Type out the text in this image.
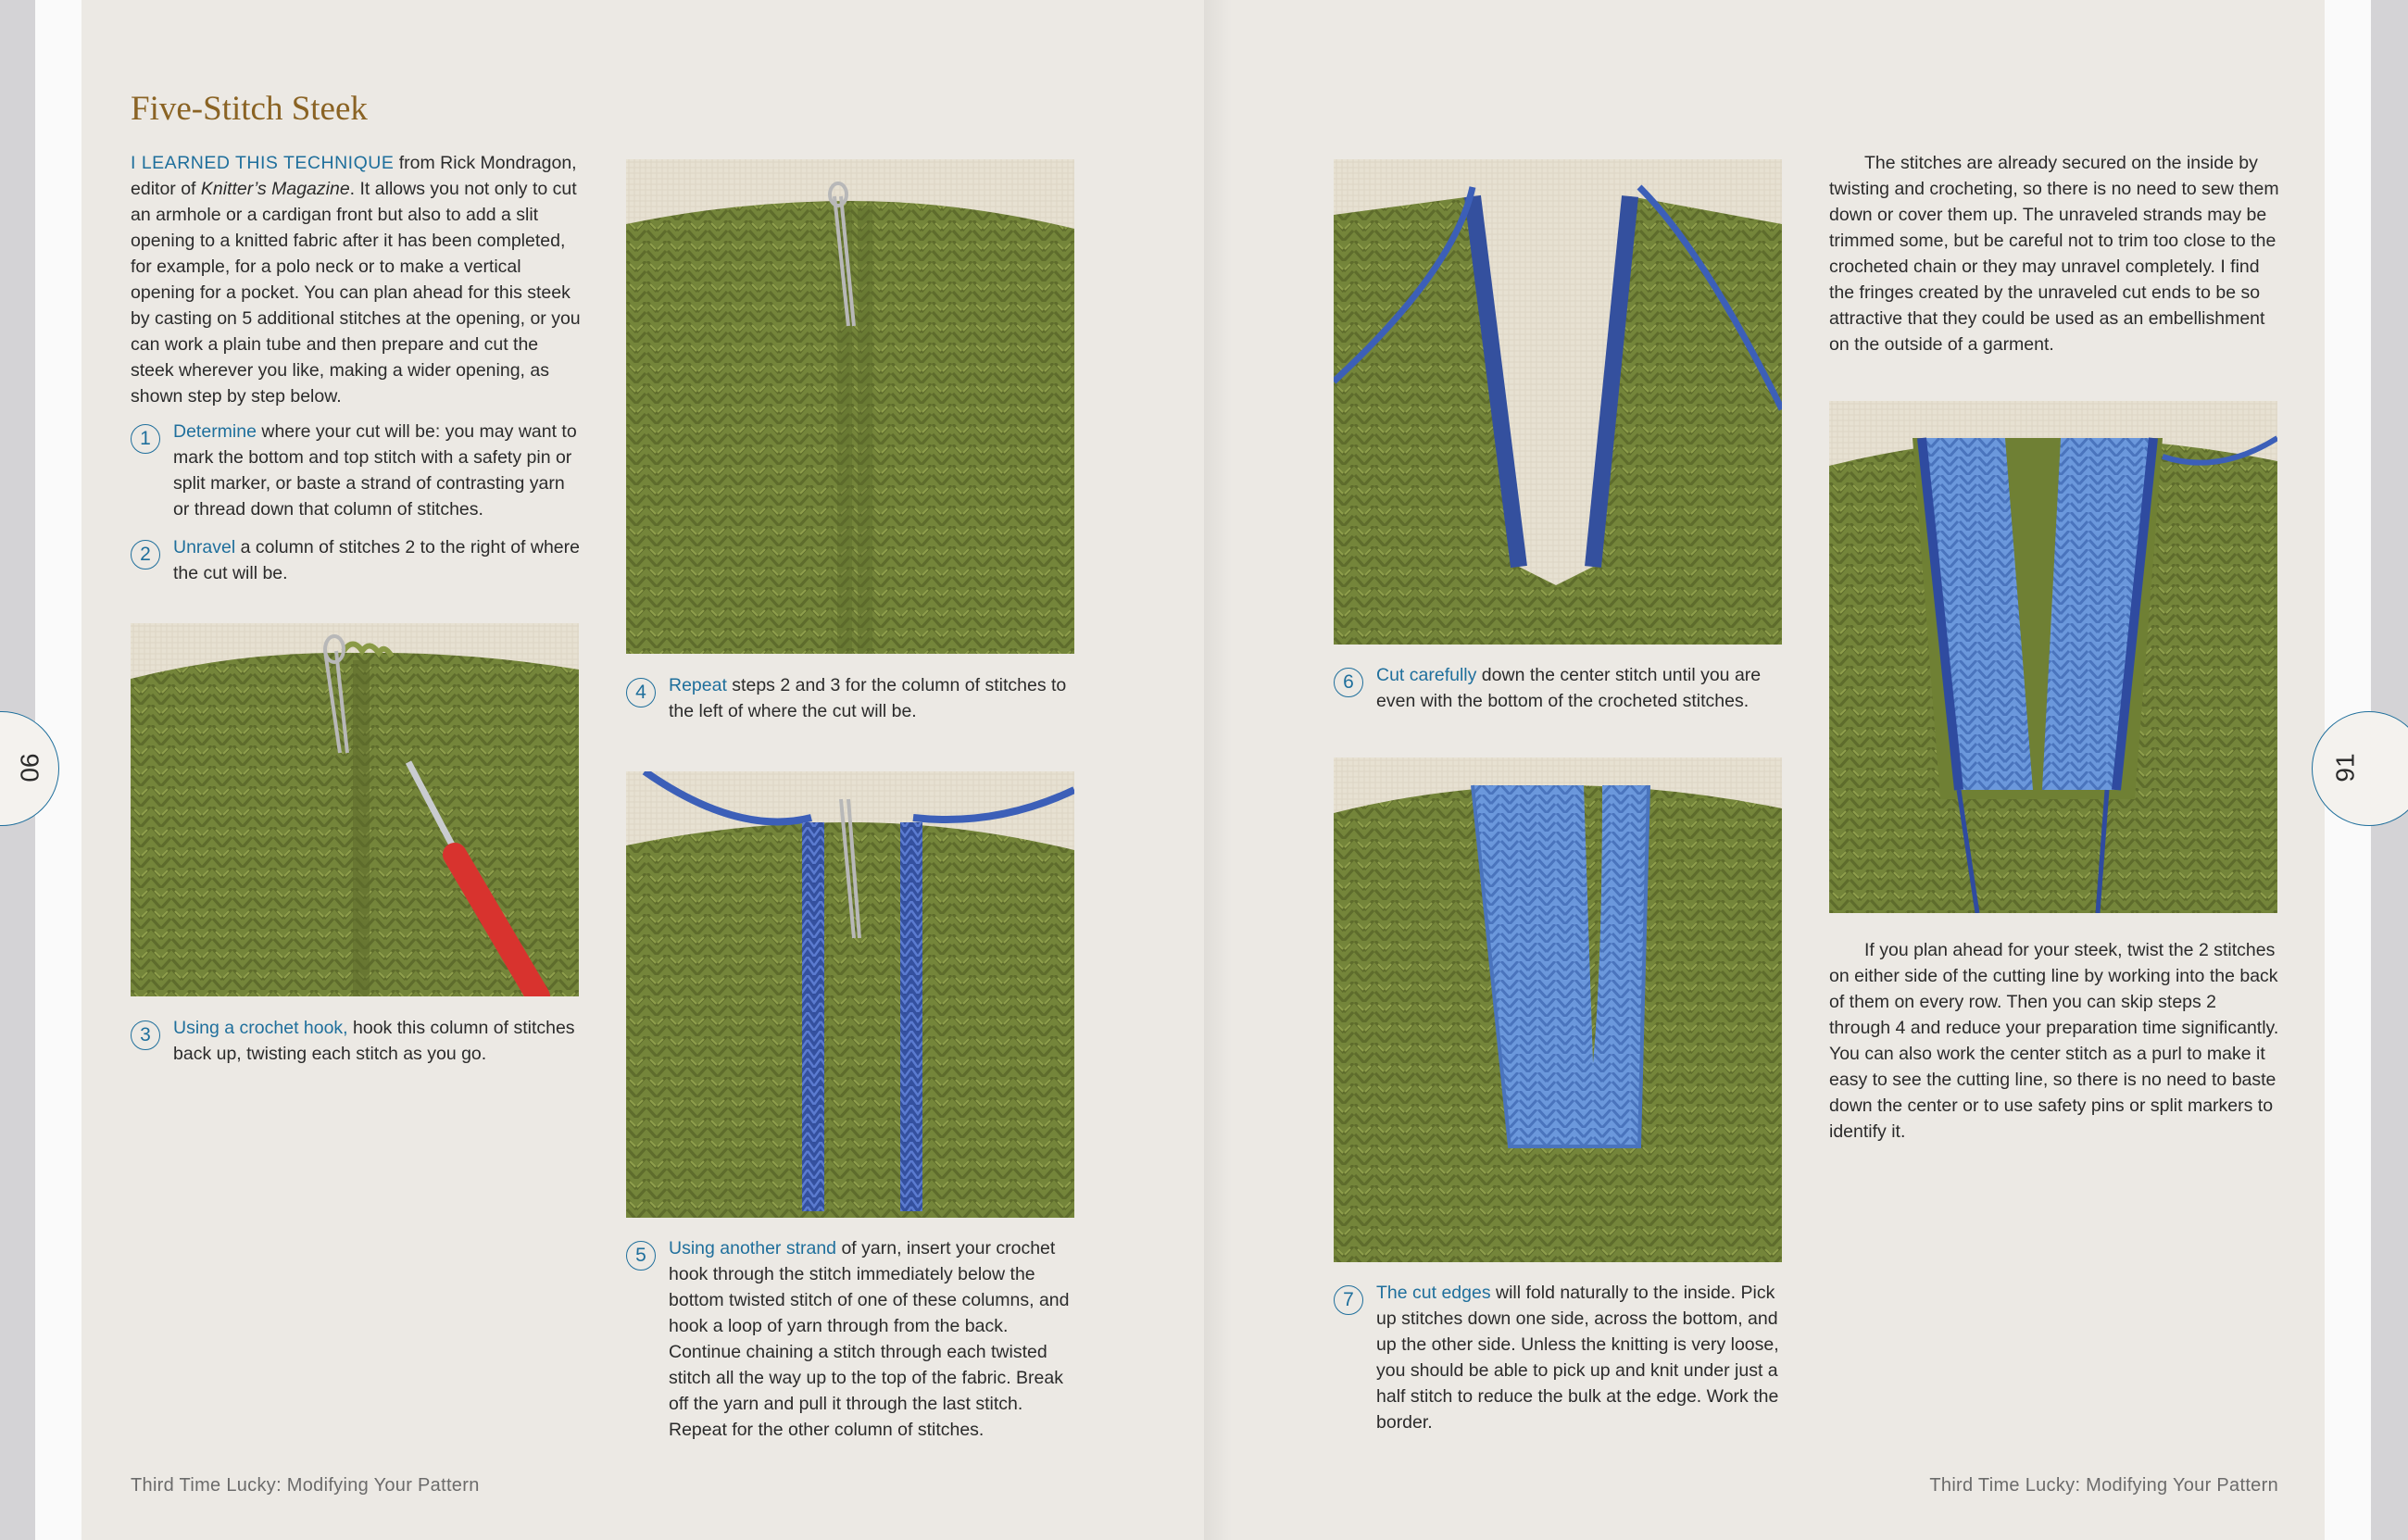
Five-Stitch Steek

I LEARNED THIS TECHNIQUE from Rick Mondragon, editor of Knitter’s Magazine. It allows you not only to cut an armhole or a cardigan front but also to add a slit opening to a knitted fabric after it has been completed, for example, for a polo neck or to make a vertical opening for a pocket. You can plan ahead for this steek by casting on 5 additional stitches at the opening, or you can work a plain tube and then prepare and cut the steek wherever you like, making a wider opening, as shown step by step below.

1	Determine where your cut will be: you may want to mark the bottom and top stitch with a safety pin or split marker, or baste a strand of contrasting yarn or thread down that column of stitches.
2	Unravel a column of stitches 2 to the right of where the cut will be.
3	Using a crochet hook, hook this column of stitches back up, twisting each stitch as you go.
4	Repeat steps 2 and 3 for the column of stitches to the left of where the cut will be.
5	Using another strand of yarn, insert your crochet hook through the stitch immediately below the bottom twisted stitch of one of these columns, and hook a loop of yarn through from the back. Continue chaining a stitch through each twisted stitch all the way up to the top of the fabric. Break off the yarn and pull it through the last stitch. Repeat for the other column of stitches.
6	Cut carefully down the center stitch until you are even with the bottom of the crocheted stitches.
7	The cut edges will fold naturally to the inside. Pick up stitches down one side, across the bottom, and up the other side. Unless the knitting is very loose, you should be able to pick up and knit under just a half stitch to reduce the bulk at the edge. Work the border.
The stitches are already secured on the inside by twisting and crocheting, so there is no need to sew them down or cover them up. The unraveled strands may be trimmed some, but be careful not to trim too close to the crocheted chain or they may unravel completely. I find the fringes created by the unraveled cut ends to be so attractive that they could be used as an embellishment on the outside of a garment.
If you plan ahead for your steek, twist the 2 stitches on either side of the cutting line by working into the back of them on every row. Then you can skip steps 2 through 4 and reduce your preparation time significantly. You can also work the center stitch as a purl to make it easy to see the cutting line, so there is no need to baste down the center or to use safety pins or split markers to identify it.
90	91
Third Time Lucky: Modifying Your Pattern	Third Time Lucky: Modifying Your Pattern
